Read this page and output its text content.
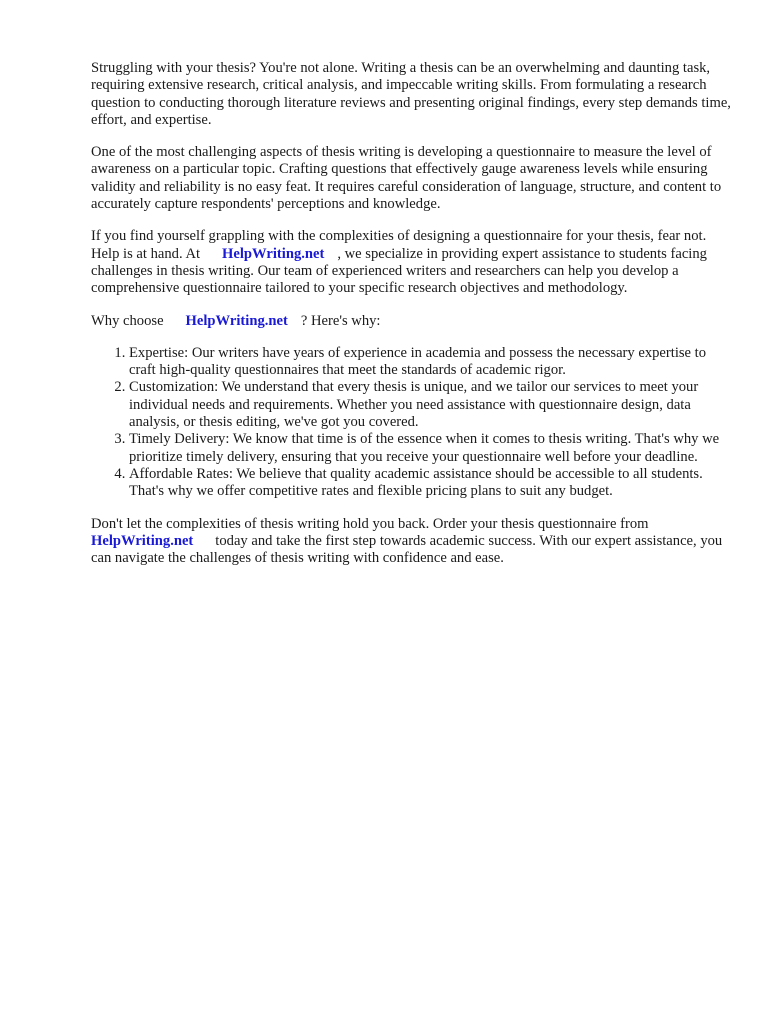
Struggling with your thesis? You're not alone. Writing a thesis can be an overwhelming and daunting task, requiring extensive research, critical analysis, and impeccable writing skills. From formulating a research question to conducting thorough literature reviews and presenting original findings, every step demands time, effort, and expertise.

One of the most challenging aspects of thesis writing is developing a questionnaire to measure the level of awareness on a particular topic. Crafting questions that effectively gauge awareness levels while ensuring validity and reliability is no easy feat. It requires careful consideration of language, structure, and content to accurately capture respondents' perceptions and knowledge.

If you find yourself grappling with the complexities of designing a questionnaire for your thesis, fear not. Help is at hand. At HelpWriting.net , we specialize in providing expert assistance to students facing challenges in thesis writing. Our team of experienced writers and researchers can help you develop a comprehensive questionnaire tailored to your specific research objectives and methodology.

Why choose HelpWriting.net ? Here's why:

1. Expertise: Our writers have years of experience in academia and possess the necessary expertise to craft high-quality questionnaires that meet the standards of academic rigor.
2. Customization: We understand that every thesis is unique, and we tailor our services to meet your individual needs and requirements. Whether you need assistance with questionnaire design, data analysis, or thesis editing, we've got you covered.
3. Timely Delivery: We know that time is of the essence when it comes to thesis writing. That's why we prioritize timely delivery, ensuring that you receive your questionnaire well before your deadline.
4. Affordable Rates: We believe that quality academic assistance should be accessible to all students. That's why we offer competitive rates and flexible pricing plans to suit any budget.

Don't let the complexities of thesis writing hold you back. Order your thesis questionnaire from HelpWriting.net today and take the first step towards academic success. With our expert assistance, you can navigate the challenges of thesis writing with confidence and ease.
